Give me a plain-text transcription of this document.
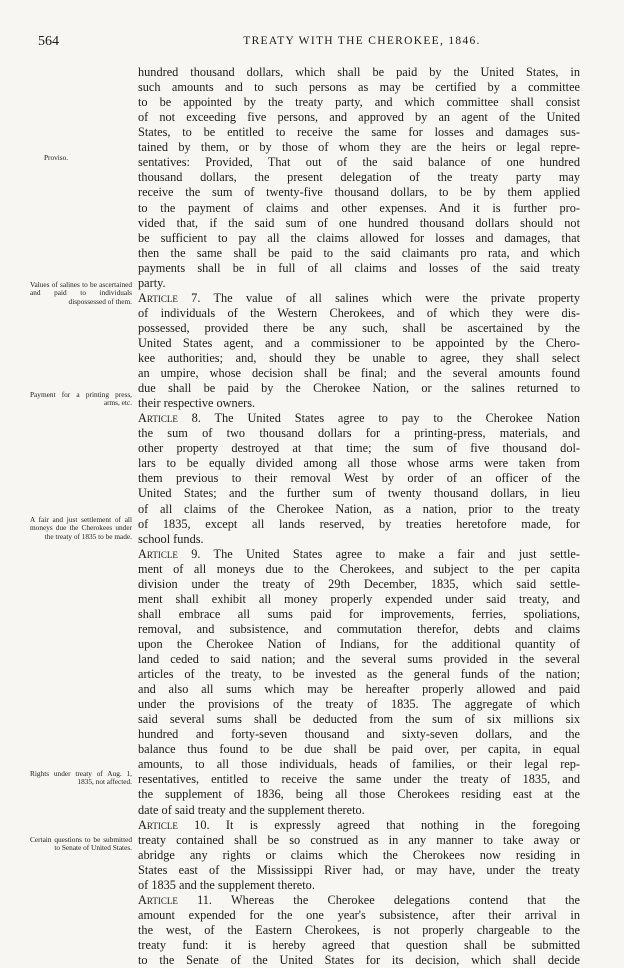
564	TREATY WITH THE CHEROKEE, 1846.
Proviso.
Values of salines to be ascertained and paid to individuals dispossessed of them.
Payment for a printing press, arms, etc.
A fair and just settlement of all moneys due the Cherokees under the treaty of 1835 to be made.
Rights under treaty of Aug. 1, 1835, not affected.
Certain questions to be submitted to Senate of United States.
hundred thousand dollars, which shall be paid by the United States, in
such amounts and to such persons as may be certified by a committee
to be appointed by the treaty party, and which committee shall consist
of not exceeding five persons, and approved by an agent of the United
States, to be entitled to receive the same for losses and damages sus-
tained by them, or by those of whom they are the heirs or legal repre-
sentatives: Provided, That out of the said balance of one hundred
thousand dollars, the present delegation of the treaty party may
receive the sum of twenty-five thousand dollars, to be by them applied
to the payment of claims and other expenses. And it is further pro-
vided that, if the said sum of one hundred thousand dollars should not
be sufficient to pay all the claims allowed for losses and damages, that
then the same shall be paid to the said claimants pro rata, and which
payments shall be in full of all claims and losses of the said treaty
party.
Article 7. The value of all salines which were the private property
of individuals of the Western Cherokees, and of which they were dis-
possessed, provided there be any such, shall be ascertained by the
United States agent, and a commissioner to be appointed by the Chero-
kee authorities; and, should they be unable to agree, they shall select
an umpire, whose decision shall be final; and the several amounts found
due shall be paid by the Cherokee Nation, or the salines returned to
their respective owners.
Article 8. The United States agree to pay to the Cherokee Nation
the sum of two thousand dollars for a printing-press, materials, and
other property destroyed at that time; the sum of five thousand dol-
lars to be equally divided among all those whose arms were taken from
them previous to their removal West by order of an officer of the
United States; and the further sum of twenty thousand dollars, in lieu
of all claims of the Cherokee Nation, as a nation, prior to the treaty
of 1835, except all lands reserved, by treaties heretofore made, for
school funds.
Article 9. The United States agree to make a fair and just settle-
ment of all moneys due to the Cherokees, and subject to the per capita
division under the treaty of 29th December, 1835, which said settle-
ment shall exhibit all money properly expended under said treaty, and
shall embrace all sums paid for improvements, ferries, spoliations,
removal, and subsistence, and commutation therefor, debts and claims
upon the Cherokee Nation of Indians, for the additional quantity of
land ceded to said nation; and the several sums provided in the several
articles of the treaty, to be invested as the general funds of the nation;
and also all sums which may be hereafter properly allowed and paid
under the provisions of the treaty of 1835. The aggregate of which
said several sums shall be deducted from the sum of six millions six
hundred and forty-seven thousand and sixty-seven dollars, and the
balance thus found to be due shall be paid over, per capita, in equal
amounts, to all those individuals, heads of families, or their legal rep-
resentatives, entitled to receive the same under the treaty of 1835, and
the supplement of 1836, being all those Cherokees residing east at the
date of said treaty and the supplement thereto.
Article 10. It is expressly agreed that nothing in the foregoing
treaty contained shall be so construed as in any manner to take away or
abridge any rights or claims which the Cherokees now residing in
States east of the Mississippi River had, or may have, under the treaty
of 1835 and the supplement thereto.
Article 11. Whereas the Cherokee delegations contend that the
amount expended for the one year's subsistence, after their arrival in
the west, of the Eastern Cherokees, is not properly chargeable to the
treaty fund: it is hereby agreed that question shall be submitted
to the Senate of the United States for its decision, which shall decide
